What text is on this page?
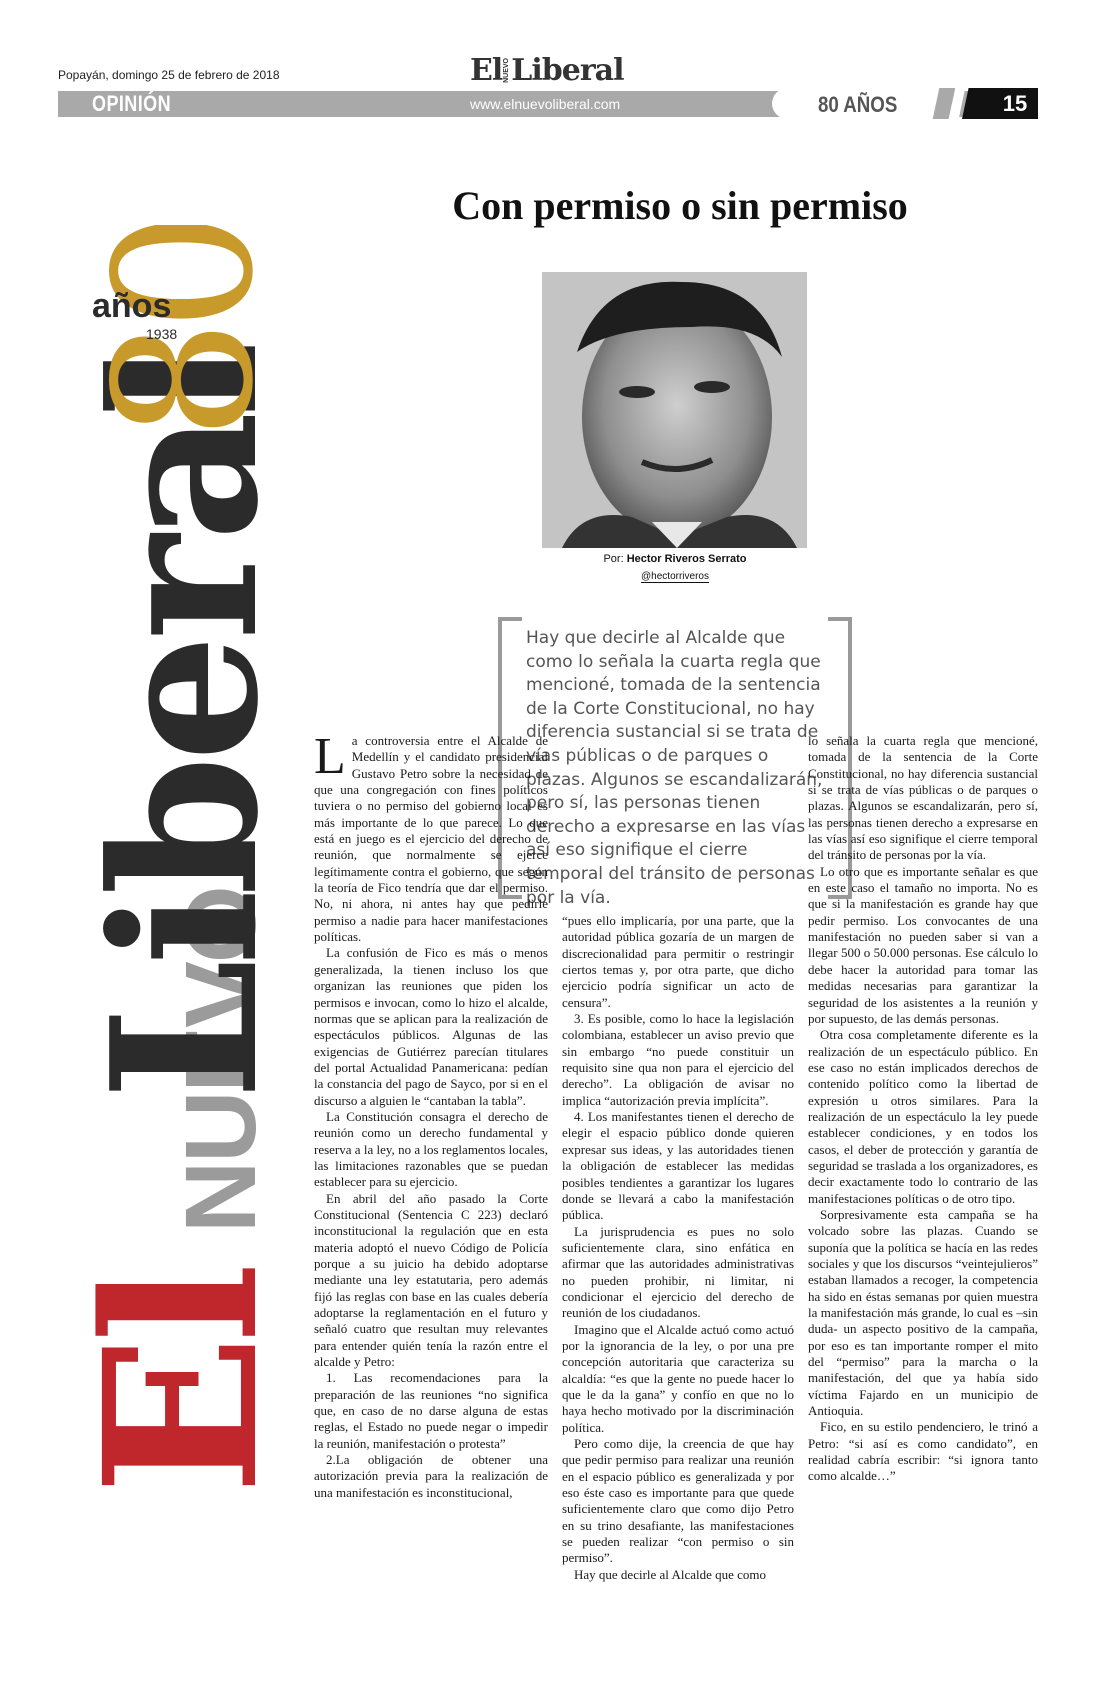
Popayán, domingo 25 de febrero de 2018	El NUEVO Liberal
OPINIÓN	www.elnuevoliberal.com	80 AÑOS	15
El
NUEVO
Liberal
80
años
1938
Con permiso o sin permiso
Por: Hector Riveros Serrato
@hectorriveros
Hay que decirle al Alcalde que como lo señala la cuarta regla que mencioné, tomada de la sentencia de la Corte Constitucional, no hay diferencia sustancial si se trata de vías públicas o de parques o plazas. Algunos se escandalizarán, pero sí, las personas tienen derecho a expresarse en las vías así eso signifique el cierre temporal del tránsito de personas por la vía.

La controversia entre el Alcalde de Medellín y el candidato presidencial Gustavo Petro sobre la necesidad de que una congregación con fines políticos tuviera o no permiso del gobierno local es más importante de lo que parece. Lo que está en juego es el ejercicio del derecho de reunión, que normalmente se ejerce legítimamente contra el gobierno, que según la teoría de Fico tendría que dar el permiso. No, ni ahora, ni antes hay que pedirle permiso a nadie para hacer manifestaciones políticas.

La confusión de Fico es más o menos generalizada, la tienen incluso los que organizan las reuniones que piden los permisos e invocan, como lo hizo el alcalde, normas que se aplican para la realización de espectáculos públicos. Algunas de las exigencias de Gutiérrez parecían titulares del portal Actualidad Panamericana: pedían la constancia del pago de Sayco, por si en el discurso a alguien le “cantaban la tabla”.

La Constitución consagra el derecho de reunión como un derecho fundamental y reserva a la ley, no a los reglamentos locales, las limitaciones razonables que se puedan establecer para su ejercicio.

En abril del año pasado la Corte Constitucional (Sentencia C 223) declaró inconstitucional la regulación que en esta materia adoptó el nuevo Código de Policía porque a su juicio ha debido adoptarse mediante una ley estatutaria, pero además fijó las reglas con base en las cuales debería adoptarse la reglamentación en el futuro y señaló cuatro que resultan muy relevantes para entender quién tenía la razón entre el alcalde y Petro:

1. Las recomendaciones para la preparación de las reuniones “no significa que, en caso de no darse alguna de estas reglas, el Estado no puede negar o impedir la reunión, manifestación o protesta”

2.La obligación de obtener una autorización previa para la realización de una manifestación es inconstitucional,

“pues ello implicaría, por una parte, que la autoridad pública gozaría de un margen de discrecionalidad para permitir o restringir ciertos temas y, por otra parte, que dicho ejercicio podría significar un acto de censura”.

3. Es posible, como lo hace la legislación colombiana, establecer un aviso previo que sin embargo “no puede constituir un requisito sine qua non para el ejercicio del derecho”. La obligación de avisar no implica “autorización previa implícita”.

4. Los manifestantes tienen el derecho de elegir el espacio público donde quieren expresar sus ideas, y las autoridades tienen la obligación de establecer las medidas posibles tendientes a garantizar los lugares donde se llevará a cabo la manifestación pública.

La jurisprudencia es pues no solo suficientemente clara, sino enfática en afirmar que las autoridades administrativas no pueden prohibir, ni limitar, ni condicionar el ejercicio del derecho de reunión de los ciudadanos.

Imagino que el Alcalde actuó como actuó por la ignorancia de la ley, o por una pre concepción autoritaria que caracteriza su alcaldía: “es que la gente no puede hacer lo que le da la gana” y confío en que no lo haya hecho motivado por la discriminación política.

Pero como dije, la creencia de que hay que pedir permiso para realizar una reunión en el espacio público es generalizada y por eso éste caso es importante para que quede suficientemente claro que como dijo Petro en su trino desafiante, las manifestaciones se pueden realizar “con permiso o sin permiso”.

Hay que decirle al Alcalde que como

lo señala la cuarta regla que mencioné, tomada de la sentencia de la Corte Constitucional, no hay diferencia sustancial si se trata de vías públicas o de parques o plazas. Algunos se escandalizarán, pero sí, las personas tienen derecho a expresarse en las vías así eso signifique el cierre temporal del tránsito de personas por la vía.

Lo otro que es importante señalar es que en este caso el tamaño no importa. No es que si la manifestación es grande hay que pedir permiso. Los convocantes de una manifestación no pueden saber si van a llegar 500 o 50.000 personas. Ese cálculo lo debe hacer la autoridad para tomar las medidas necesarias para garantizar la seguridad de los asistentes a la reunión y por supuesto, de las demás personas.

Otra cosa completamente diferente es la realización de un espectáculo público. En ese caso no están implicados derechos de contenido político como la libertad de expresión u otros similares. Para la realización de un espectáculo la ley puede establecer condiciones, y en todos los casos, el deber de protección y garantía de seguridad se traslada a los organizadores, es decir exactamente todo lo contrario de las manifestaciones políticas o de otro tipo.

Sorpresivamente esta campaña se ha volcado sobre las plazas. Cuando se suponía que la política se hacía en las redes sociales y que los discursos “veintejulieros” estaban llamados a recoger, la competencia ha sido en éstas semanas por quien muestra la manifestación más grande, lo cual es –sin duda- un aspecto positivo de la campaña, por eso es tan importante romper el mito del “permiso” para la marcha o la manifestación, del que ya había sido víctima Fajardo en un municipio de Antioquia.

Fico, en su estilo pendenciero, le trinó a Petro: “si así es como candidato”, en realidad cabría escribir: “si ignora tanto como alcalde…”
